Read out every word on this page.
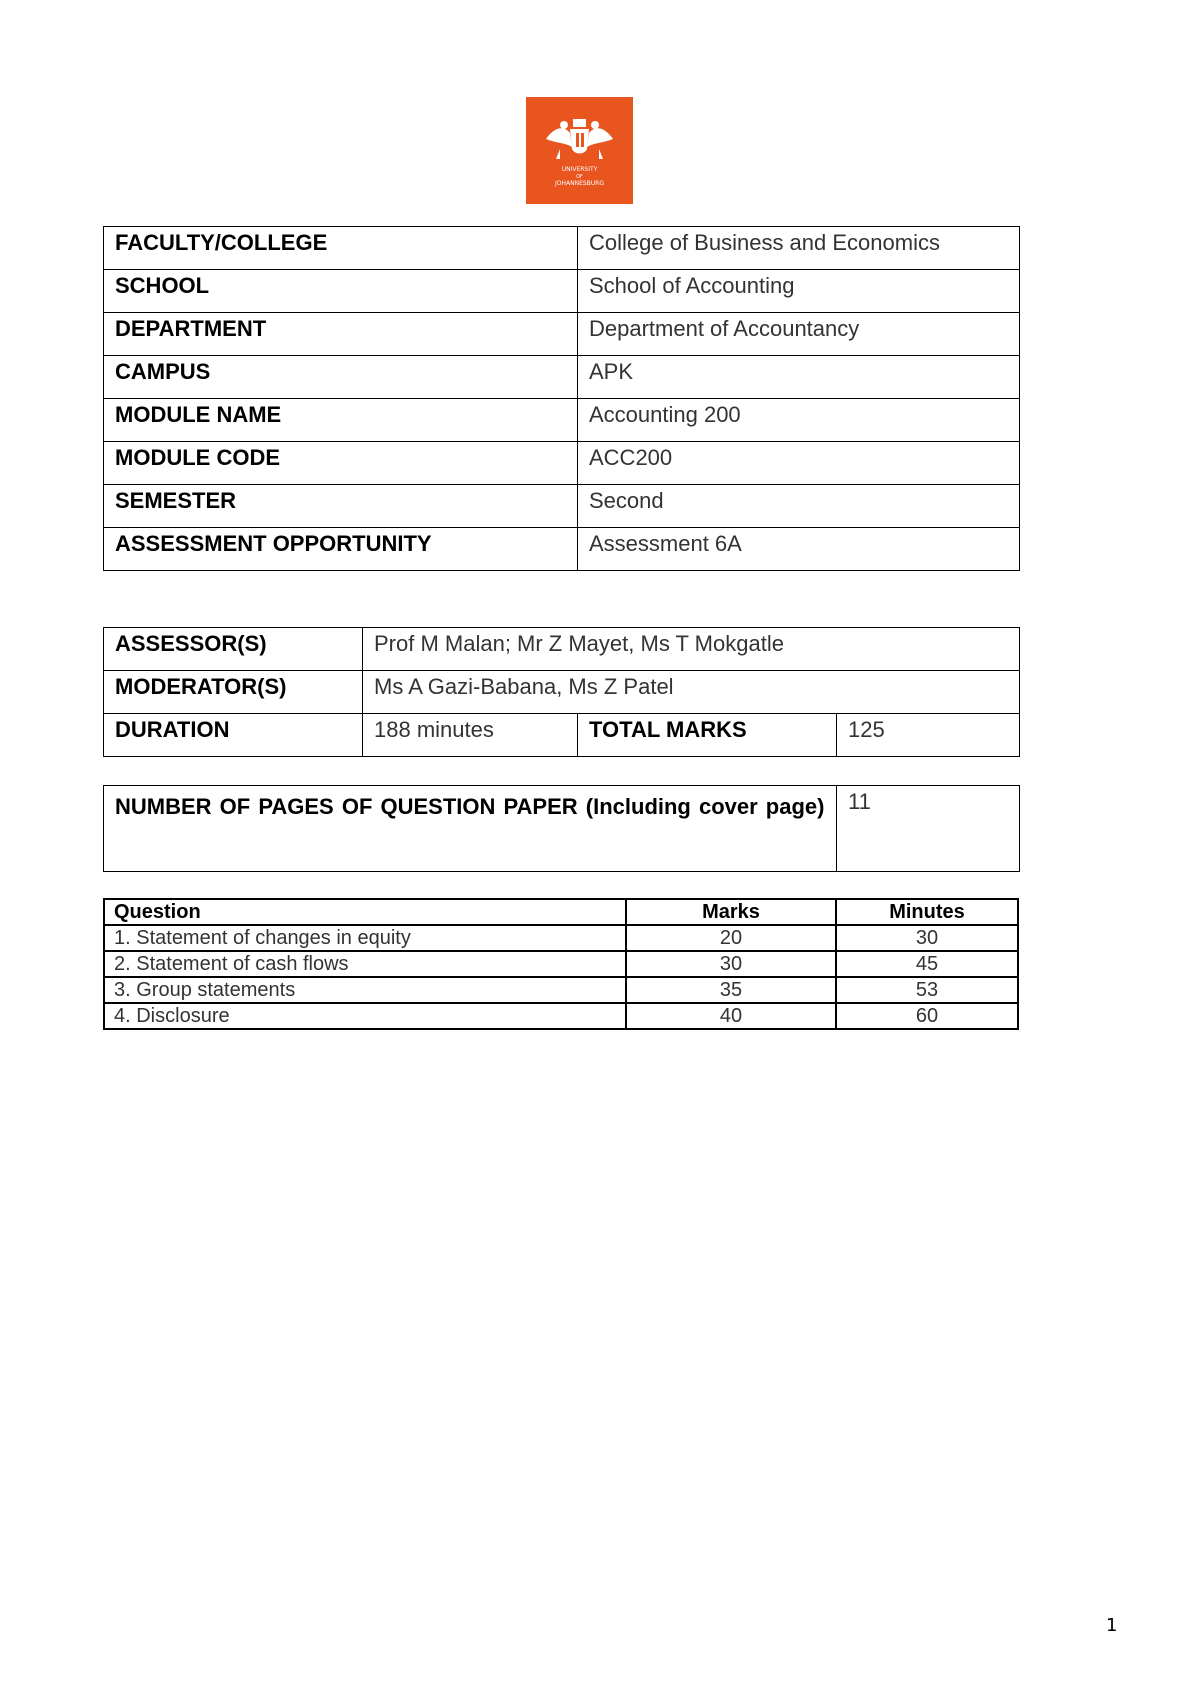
UNIVERSITY
OF
JOHANNESBURG
FACULTY/COLLEGE	College of Business and Economics
SCHOOL	School of Accounting
DEPARTMENT	Department of Accountancy
CAMPUS	APK
MODULE NAME	Accounting 200
MODULE CODE	ACC200
SEMESTER	Second
ASSESSMENT OPPORTUNITY	Assessment 6A
ASSESSOR(S)	Prof M Malan; Mr Z Mayet, Ms T Mokgatle		
MODERATOR(S)	Ms A Gazi-Babana, Ms Z Patel		
DURATION	188 minutes	TOTAL MARKS	125
NUMBER OF PAGES OF QUESTION PAPER (Including cover page)	11
Question	Marks	Minutes
1. Statement of changes in equity	20	30
2. Statement of cash flows	30	45
3. Group statements	35	53
4. Disclosure	40	60
1
